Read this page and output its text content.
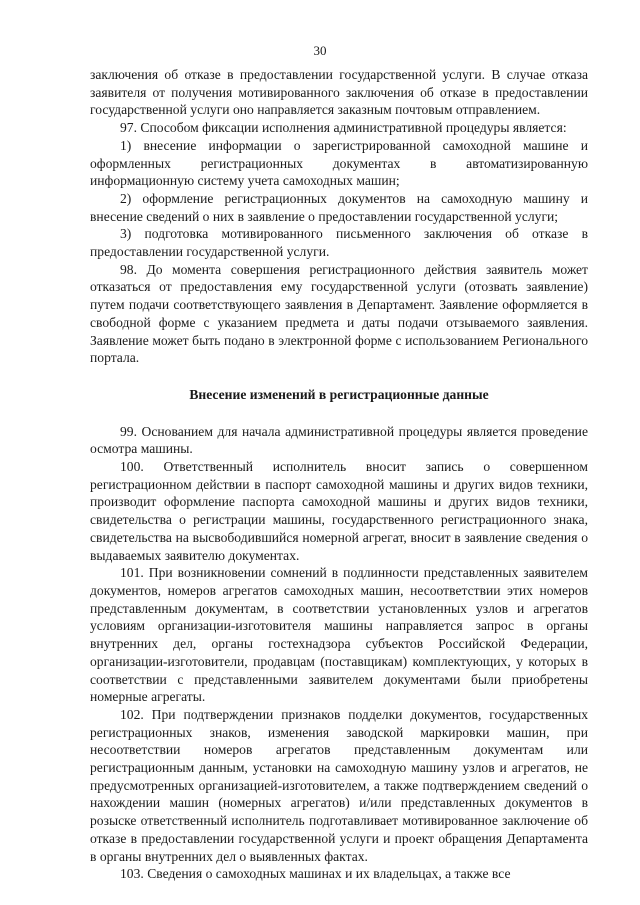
30

заключения об отказе в предоставлении государственной услуги. В случае отказа заявителя от получения мотивированного заключения об отказе в предоставлении государственной услуги оно направляется заказным почтовым отправлением.

97. Способом фиксации исполнения административной процедуры является:

1) внесение информации о зарегистрированной самоходной машине и оформленных регистрационных документах в автоматизированную информационную систему учета самоходных машин;

2) оформление регистрационных документов на самоходную машину и внесение сведений о них в заявление о предоставлении государственной услуги;

3) подготовка мотивированного письменного заключения об отказе в предоставлении государственной услуги.

98. До момента совершения регистрационного действия заявитель может отказаться от предоставления ему государственной услуги (отозвать заявление) путем подачи соответствующего заявления в Департамент. Заявление оформляется в свободной форме с указанием предмета и даты подачи отзываемого заявления. Заявление может быть подано в электронной форме с использованием Регионального портала.

Внесение изменений в регистрационные данные

99. Основанием для начала административной процедуры является проведение осмотра машины.

100. Ответственный исполнитель вносит запись о совершенном регистрационном действии в паспорт самоходной машины и других видов техники, производит оформление паспорта самоходной машины и других видов техники, свидетельства о регистрации машины, государственного регистрационного знака, свидетельства на высвободившийся номерной агрегат, вносит в заявление сведения о выдаваемых заявителю документах.

101. При возникновении сомнений в подлинности представленных заявителем документов, номеров агрегатов самоходных машин, несоответствии этих номеров представленным документам, в соответствии установленных узлов и агрегатов условиям организации-изготовителя машины направляется запрос в органы внутренних дел, органы гостехнадзора субъектов Российской Федерации, организации-изготовители, продавцам (поставщикам) комплектующих, у которых в соответствии с представленными заявителем документами были приобретены номерные агрегаты.

102. При подтверждении признаков подделки документов, государственных регистрационных знаков, изменения заводской маркировки машин, при несоответствии номеров агрегатов представленным документам или регистрационным данным, установки на самоходную машину узлов и агрегатов, не предусмотренных организацией-изготовителем, а также подтверждением сведений о нахождении машин (номерных агрегатов) и/или представленных документов в розыске ответственный исполнитель подготавливает мотивированное заключение об отказе в предоставлении государственной услуги и проект обращения Департамента в органы внутренних дел о выявленных фактах.

103. Сведения о самоходных машинах и их владельцах, а также все
